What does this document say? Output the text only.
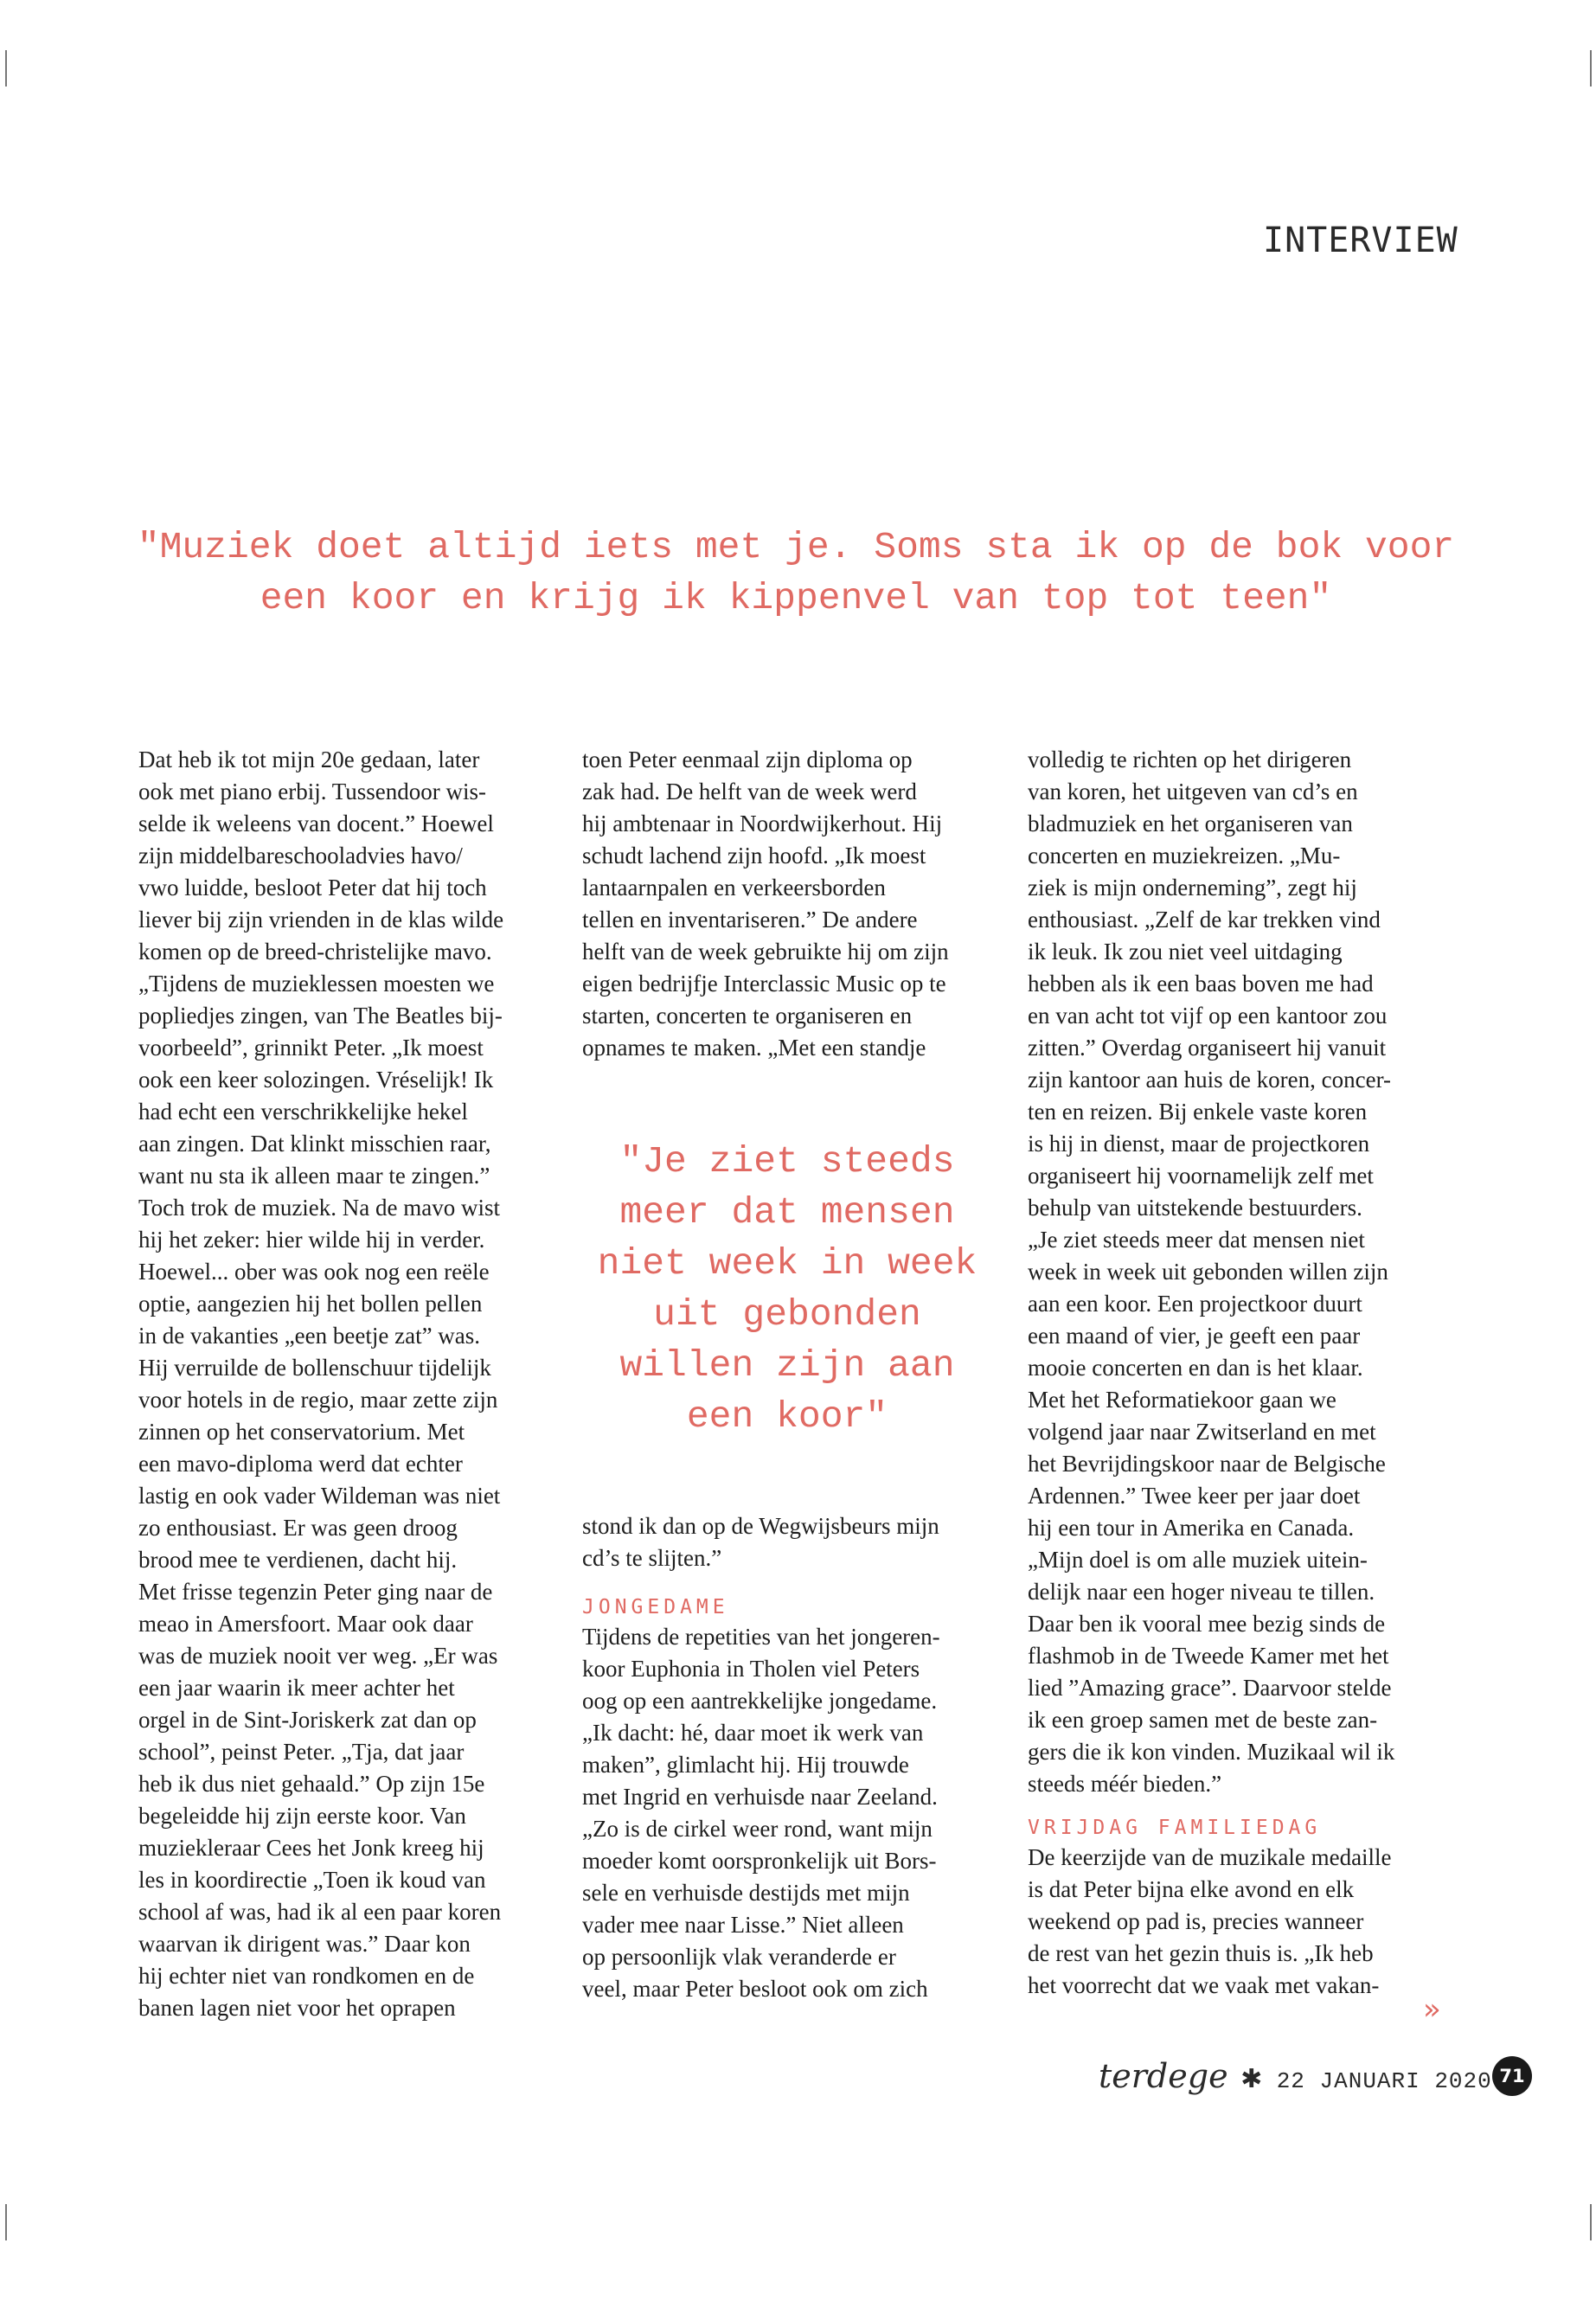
INTERVIEW
"Muziek doet altijd iets met je. Soms sta ik op de bok voor
een koor en krijg ik kippenvel van top tot teen"

Dat heb ik tot mijn 20e gedaan, later
ook met piano erbij. Tussendoor wis-
selde ik weleens van docent.” Hoewel
zijn middelbareschooladvies havo/
vwo luidde, besloot Peter dat hij toch
liever bij zijn vrienden in de klas wilde
komen op de breed-christelijke mavo.
„Tijdens de muzieklessen moesten we
popliedjes zingen, van The Beatles bij-
voorbeeld”, grinnikt Peter. „Ik moest
ook een keer solozingen. Vréselijk! Ik
had echt een verschrikkelijke hekel
aan zingen. Dat klinkt misschien raar,
want nu sta ik alleen maar te zingen.”
Toch trok de muziek. Na de mavo wist
hij het zeker: hier wilde hij in verder.
Hoewel... ober was ook nog een reële
optie, aangezien hij het bollen pellen
in de vakanties „een beetje zat” was.
Hij verruilde de bollenschuur tijdelijk
voor hotels in de regio, maar zette zijn
zinnen op het conservatorium. Met
een mavo-diploma werd dat echter
lastig en ook vader Wildeman was niet
zo enthousiast. Er was geen droog
brood mee te verdienen, dacht hij.
Met frisse tegenzin Peter ging naar de
meao in Amersfoort. Maar ook daar
was de muziek nooit ver weg. „Er was
een jaar waarin ik meer achter het
orgel in de Sint-Joriskerk zat dan op
school”, peinst Peter. „Tja, dat jaar
heb ik dus niet gehaald.” Op zijn 15e
begeleidde hij zijn eerste koor. Van
muziekleraar Cees het Jonk kreeg hij
les in koordirectie „Toen ik koud van
school af was, had ik al een paar koren
waarvan ik dirigent was.” Daar kon
hij echter niet van rondkomen en de
banen lagen niet voor het oprapen

toen Peter eenmaal zijn diploma op
zak had. De helft van de week werd
hij ambtenaar in Noordwijkerhout. Hij
schudt lachend zijn hoofd. „Ik moest
lantaarnpalen en verkeersborden
tellen en inventariseren.” De andere
helft van de week gebruikte hij om zijn
eigen bedrijfje Interclassic Music op te
starten, concerten te organiseren en
opnames te maken. „Met een standje

"Je ziet steeds
meer dat mensen
niet week in week
uit gebonden
willen zijn aan
een koor"

stond ik dan op de Wegwijsbeurs mijn
cd’s te slijten.”

JONGEDAME

Tijdens de repetities van het jongeren-
koor Euphonia in Tholen viel Peters
oog op een aantrekkelijke jongedame.
„Ik dacht: hé, daar moet ik werk van
maken”, glimlacht hij. Hij trouwde
met Ingrid en verhuisde naar Zeeland.
„Zo is de cirkel weer rond, want mijn
moeder komt oorspronkelijk uit Bors-
sele en verhuisde destijds met mijn
vader mee naar Lisse.” Niet alleen
op persoonlijk vlak veranderde er
veel, maar Peter besloot ook om zich

volledig te richten op het dirigeren
van koren, het uitgeven van cd’s en
bladmuziek en het organiseren van
concerten en muziekreizen. „Mu-
ziek is mijn onderneming”, zegt hij
enthousiast. „Zelf de kar trekken vind
ik leuk. Ik zou niet veel uitdaging
hebben als ik een baas boven me had
en van acht tot vijf op een kantoor zou
zitten.” Overdag organiseert hij vanuit
zijn kantoor aan huis de koren, concer-
ten en reizen. Bij enkele vaste koren
is hij in dienst, maar de projectkoren
organiseert hij voornamelijk zelf met
behulp van uitstekende bestuurders.
„Je ziet steeds meer dat mensen niet
week in week uit gebonden willen zijn
aan een koor. Een projectkoor duurt
een maand of vier, je geeft een paar
mooie concerten en dan is het klaar.
Met het Reformatiekoor gaan we
volgend jaar naar Zwitserland en met
het Bevrijdingskoor naar de Belgische
Ardennen.” Twee keer per jaar doet
hij een tour in Amerika en Canada.
„Mijn doel is om alle muziek uitein-
delijk naar een hoger niveau te tillen.
Daar ben ik vooral mee bezig sinds de
flashmob in de Tweede Kamer met het
lied ”Amazing grace”. Daarvoor stelde
ik een groep samen met de beste zan-
gers die ik kon vinden. Muzikaal wil ik
steeds méér bieden.”

VRIJDAG FAMILIEDAG

De keerzijde van de muzikale medaille
is dat Peter bijna elke avond en elk
weekend op pad is, precies wanneer
de rest van het gezin thuis is. „Ik heb
het voorrecht dat we vaak met vakan-

»
terdege ✱ 22 JANUARI 2020 71
